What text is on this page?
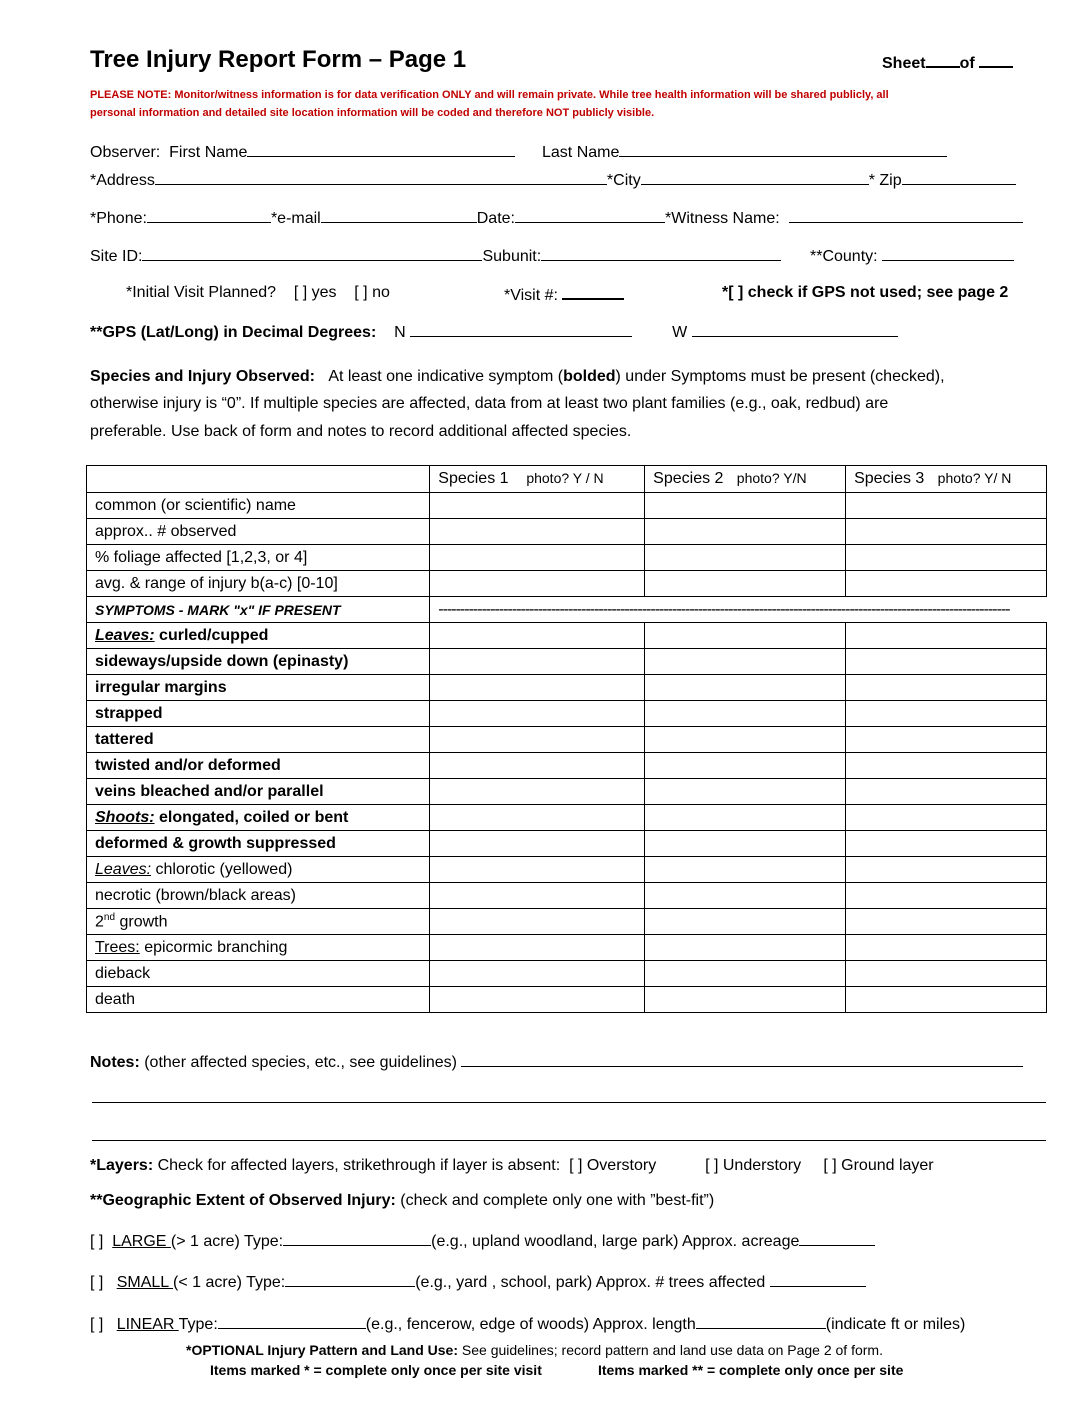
Tree Injury Report Form – Page 1	Sheet of
PLEASE NOTE: Monitor/witness information is for data verification ONLY and will remain private. While tree health information will be shared publicly, all
personal information and detailed site location information will be coded and therefore NOT publicly visible.
Observer: First Name	Last Name
*Address	*City	* Zip
*Phone:	*e-mail	Date:	*Witness Name:
Site ID:	Subunit:	**County:
*Initial Visit Planned? [ ] yes [ ] no	*Visit #:	*[ ] check if GPS not used; see page 2
**GPS (Lat/Long) in Decimal Degrees: N	W
Species and Injury Observed: At least one indicative symptom (bolded) under Symptoms must be present (checked),
otherwise injury is “0”. If multiple species are affected, data from at least two plant families (e.g., oak, redbud) are
preferable. Use back of form and notes to record additional affected species.
	Species 1 photo? Y / N	Species 2 photo? Y/N	Species 3 photo? Y/ N
common (or scientific) name			
approx.. # observed			
% foliage affected [1,2,3, or 4]			
avg. & range of injury b(a-c) [0-10]			
SYMPTOMS - MARK "x" IF PRESENT	------------------------------------------------------------------------------------------------------------------------------------		
Leaves: curled/cupped			
sideways/upside down (epinasty)			
irregular margins			
strapped			
tattered			
twisted and/or deformed			
veins bleached and/or parallel			
Shoots: elongated, coiled or bent			
deformed & growth suppressed			
Leaves: chlorotic (yellowed)			
necrotic (brown/black areas)			
2nd growth			
Trees: epicormic branching			
dieback			
death			
Notes: (other affected species, etc., see guidelines)
*Layers: Check for affected layers, strikethrough if layer is absent: [ ] Overstory	[ ] Understory [ ] Ground layer
**Geographic Extent of Observed Injury: (check and complete only one with ”best-fit”)
[ ] LARGE (> 1 acre) Type:	(e.g., upland woodland, large park) Approx. acreage
[ ] SMALL (< 1 acre) Type:	(e.g., yard , school, park) Approx. # trees affected
[ ] LINEAR Type:	(e.g., fencerow, edge of woods) Approx. length	(indicate ft or miles)
*OPTIONAL Injury Pattern and Land Use: See guidelines; record pattern and land use data on Page 2 of form.
Items marked * = complete only once per site visit	Items marked ** = complete only once per site
